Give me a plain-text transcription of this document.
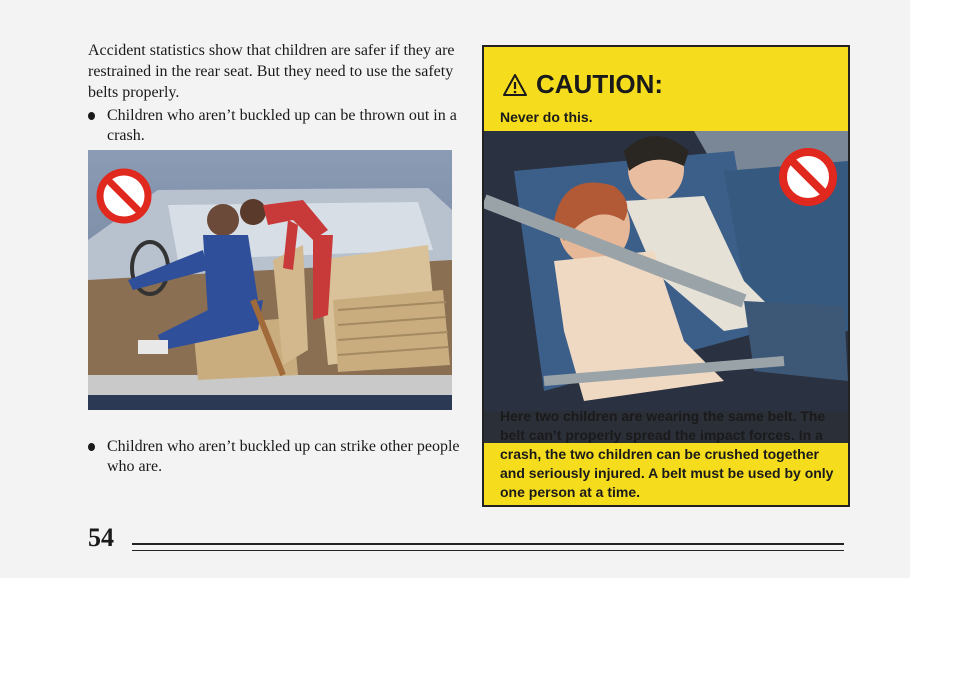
Accident statistics show that children are safer if they are restrained in the rear seat. But they need to use the safety belts properly.

Children who aren’t buckled up can be thrown out in a crash.
Children who aren’t buckled up can strike other people who are.
CAUTION:
Never do this.
Here two children are wearing the same belt. The belt can’t properly spread the impact forces. In a crash, the two children can be crushed together and seriously injured. A belt must be used by only one person at a time.
54
